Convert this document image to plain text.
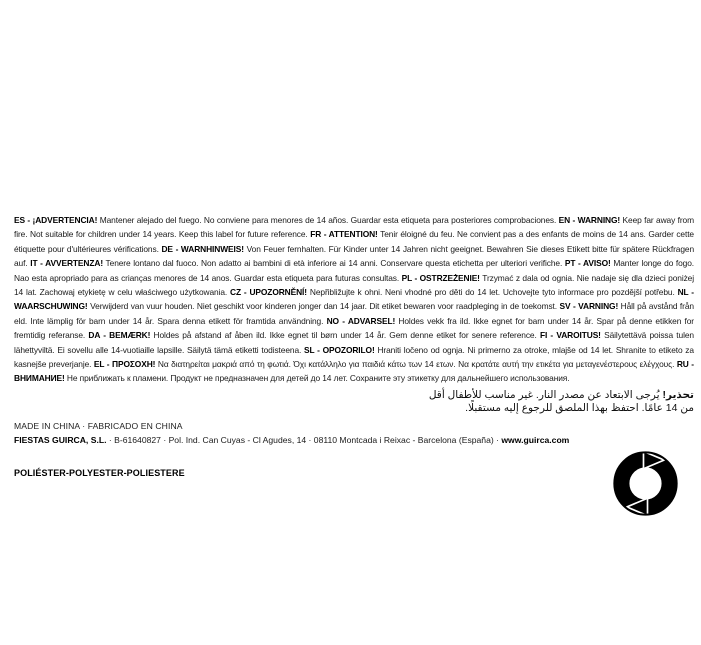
ES - ¡ADVERTENCIA! Mantener alejado del fuego. No conviene para menores de 14 años. Guardar esta etiqueta para posteriores comprobaciones. EN - WARNING! Keep far away from fire. Not suitable for children under 14 years. Keep this label for future reference. FR - ATTENTION! Tenir éloigné du feu. Ne convient pas a des enfants de moins de 14 ans. Garder cette étiquette pour d'ultérieures vérifications. DE - WARNHINWEIS! Von Feuer fernhalten. Für Kinder unter 14 Jahren nicht geeignet. Bewahren Sie dieses Etikett bitte für spätere Rückfragen auf. IT - AVVERTENZA! Tenere lontano dal fuoco. Non adatto ai bambini di età inferiore ai 14 anni. Conservare questa etichetta per ulteriori verifiche. PT - AVISO! Manter longe do fogo. Nao esta apropriado para as crianças menores de 14 anos. Guardar esta etiqueta para futuras consultas. PL - OSTRZEŻENIE! Trzymać z dala od ognia. Nie nadaje się dla dzieci poniżej 14 lat. Zachowaj etykietę w celu właściwego użytkowania. CZ - UPOZORNĚNÍ! Nepřibližujte k ohni. Neni vhodné pro děti do 14 let. Uchovejte tyto informace pro pozdější potřebu. NL - WAARSCHUWING! Verwijderd van vuur houden. Niet geschikt voor kinderen jonger dan 14 jaar. Dit etiket bewaren voor raadpleging in de toekomst. SV - VARNING! Håll på avstånd från eld. Inte lämplig för barn under 14 år. Spara denna etikett för framtida användning. NO - ADVARSEL! Holdes vekk fra ild. Ikke egnet for barn under 14 år. Spar på denne etikken for fremtidig referanse. DA - BEMÆRK! Holdes på afstand af åben ild. Ikke egnet til børn under 14 år. Gem denne etiket for senere reference. FI - VAROITUS! Säilytettävä poissa tulen lähettyviltä. Ei sovellu alle 14-vuotiaille lapsille. Säilytä tämä etiketti todisteena. SL - OPOZORILO! Hraniti ločeno od ognja. Ni primerno za otroke, mlajše od 14 let. Shranite to etiketo za kasnejše preverjanje. EL - ΠΡΟΣΟΧΗ! Να διατηρείται μακριά από τη φωτιά. Όχι κατάλληλο για παιδιά κάτω των 14 ετων. Να κρατάτε αυτή την ετικέτα για μεταγενέστερους ελέγχους. RU - ВНИМАНИЕ! Не приближать к пламени. Продукт не предназначен для детей до 14 лет. Сохраните эту этикетку для дальнейшего использования.

تحذير! يُرجى الابتعاد عن مصدر النار. غير مناسب للأطفال أقل
من 14 عامًا. احتفظ بهذا الملصق للرجوع إليه مستقبلًا.
MADE IN CHINA · FABRICADO EN CHINA
FIESTAS GUIRCA, S.L. · B-61640827 · Pol. Ind. Can Cuyas - Cl Agudes, 14 · 08110 Montcada i Reixac - Barcelona (España) · www.guirca.com
POLIÉSTER-POLYESTER-POLIESTERE
